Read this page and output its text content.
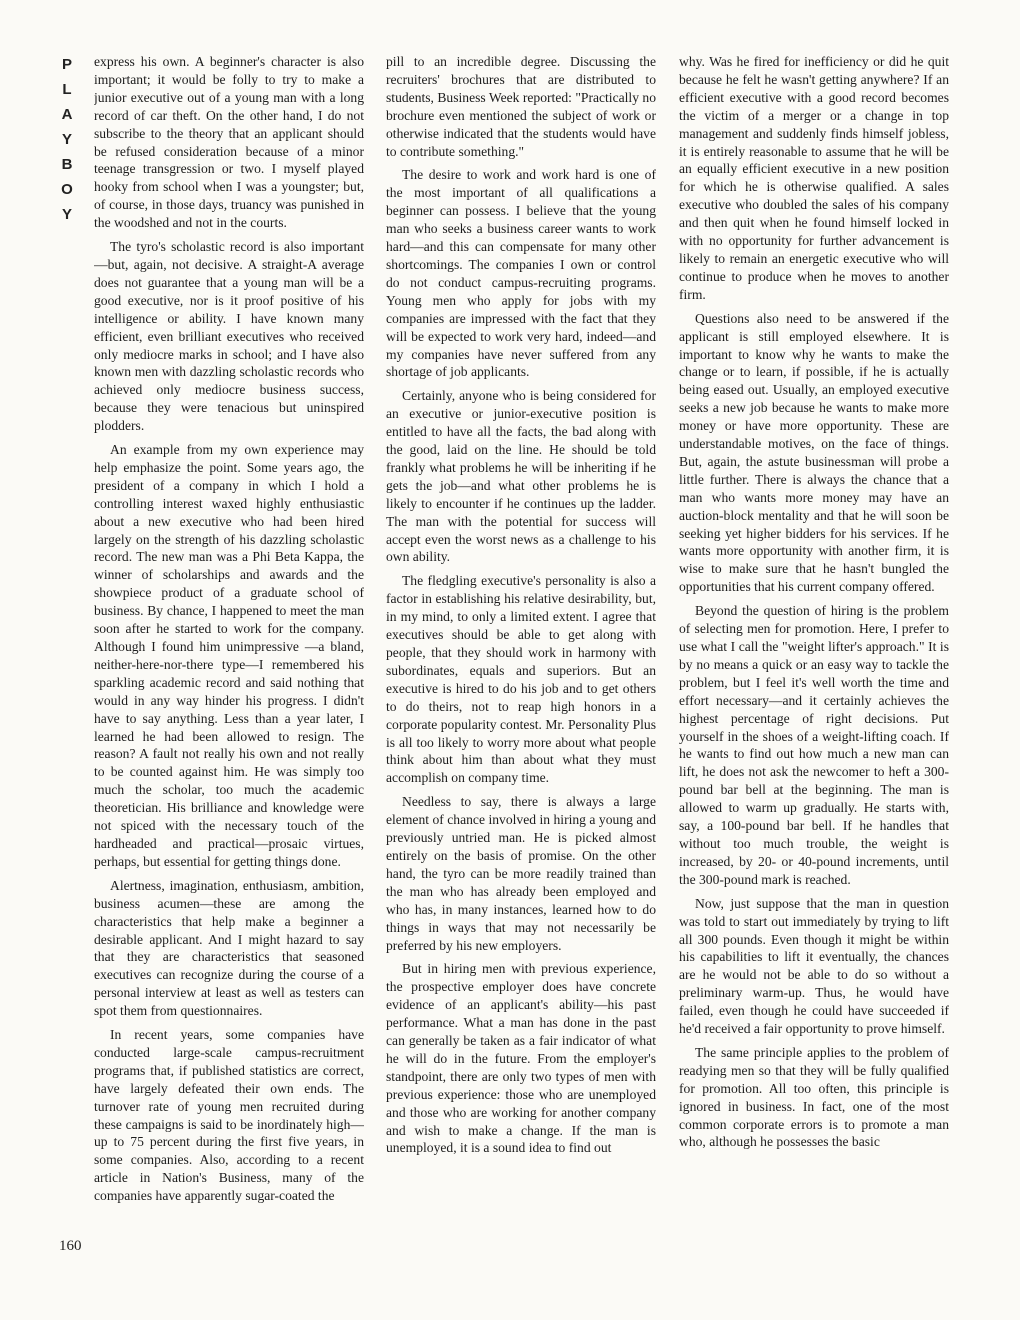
P
L
A
Y
B
O
Y

express his own. A beginner's character is also important; it would be folly to try to make a junior executive out of a young man with a long record of car theft. On the other hand, I do not subscribe to the theory that an applicant should be refused consideration because of a minor teenage transgression or two. I myself played hooky from school when I was a youngster; but, of course, in those days, truancy was punished in the woodshed and not in the courts.

The tyro's scholastic record is also important—but, again, not decisive. A straight-A average does not guarantee that a young man will be a good executive, nor is it proof positive of his intelligence or ability. I have known many efficient, even brilliant executives who received only mediocre marks in school; and I have also known men with dazzling scholastic records who achieved only mediocre business success, because they were tenacious but uninspired plodders.

An example from my own experience may help emphasize the point. Some years ago, the president of a company in which I hold a controlling interest waxed highly enthusiastic about a new executive who had been hired largely on the strength of his dazzling scholastic record. The new man was a Phi Beta Kappa, the winner of scholarships and awards and the showpiece product of a graduate school of business. By chance, I happened to meet the man soon after he started to work for the company. Although I found him unimpressive —a bland, neither-here-nor-there type—I remembered his sparkling academic record and said nothing that would in any way hinder his progress. I didn't have to say anything. Less than a year later, I learned he had been allowed to resign. The reason? A fault not really his own and not really to be counted against him. He was simply too much the scholar, too much the academic theoretician. His brilliance and knowledge were not spiced with the necessary touch of the hardheaded and practical—prosaic virtues, perhaps, but essential for getting things done.

Alertness, imagination, enthusiasm, ambition, business acumen—these are among the characteristics that help make a beginner a desirable applicant. And I might hazard to say that they are characteristics that seasoned executives can recognize during the course of a personal interview at least as well as testers can spot them from questionnaires.

In recent years, some companies have conducted large-scale campus-recruitment programs that, if published statistics are correct, have largely defeated their own ends. The turnover rate of young men recruited during these campaigns is said to be inordinately high—up to 75 percent during the first five years, in some companies. Also, according to a recent article in Nation's Business, many of the companies have apparently sugar-coated the

pill to an incredible degree. Discussing the recruiters' brochures that are distributed to students, Business Week reported: "Practically no brochure even mentioned the subject of work or otherwise indicated that the students would have to contribute something."

The desire to work and work hard is one of the most important of all qualifications a beginner can possess. I believe that the young man who seeks a business career wants to work hard—and this can compensate for many other shortcomings. The companies I own or control do not conduct campus-recruiting programs. Young men who apply for jobs with my companies are impressed with the fact that they will be expected to work very hard, indeed—and my companies have never suffered from any shortage of job applicants.

Certainly, anyone who is being considered for an executive or junior-executive position is entitled to have all the facts, the bad along with the good, laid on the line. He should be told frankly what problems he will be inheriting if he gets the job—and what other problems he is likely to encounter if he continues up the ladder. The man with the potential for success will accept even the worst news as a challenge to his own ability.

The fledgling executive's personality is also a factor in establishing his relative desirability, but, in my mind, to only a limited extent. I agree that executives should be able to get along with people, that they should work in harmony with subordinates, equals and superiors. But an executive is hired to do his job and to get others to do theirs, not to reap high honors in a corporate popularity contest. Mr. Personality Plus is all too likely to worry more about what people think about him than about what they must accomplish on company time.

Needless to say, there is always a large element of chance involved in hiring a young and previously untried man. He is picked almost entirely on the basis of promise. On the other hand, the tyro can be more readily trained than the man who has already been employed and who has, in many instances, learned how to do things in ways that may not necessarily be preferred by his new employers.

But in hiring men with previous experience, the prospective employer does have concrete evidence of an applicant's ability—his past performance. What a man has done in the past can generally be taken as a fair indicator of what he will do in the future. From the employer's standpoint, there are only two types of men with previous experience: those who are unemployed and those who are working for another company and wish to make a change. If the man is unemployed, it is a sound idea to find out

why. Was he fired for inefficiency or did he quit because he felt he wasn't getting anywhere? If an efficient executive with a good record becomes the victim of a merger or a change in top management and suddenly finds himself jobless, it is entirely reasonable to assume that he will be an equally efficient executive in a new position for which he is otherwise qualified. A sales executive who doubled the sales of his company and then quit when he found himself locked in with no opportunity for further advancement is likely to remain an energetic executive who will continue to produce when he moves to another firm.

Questions also need to be answered if the applicant is still employed elsewhere. It is important to know why he wants to make the change or to learn, if possible, if he is actually being eased out. Usually, an employed executive seeks a new job because he wants to make more money or have more opportunity. These are understandable motives, on the face of things. But, again, the astute businessman will probe a little further. There is always the chance that a man who wants more money may have an auction-block mentality and that he will soon be seeking yet higher bidders for his services. If he wants more opportunity with another firm, it is wise to make sure that he hasn't bungled the opportunities that his current company offered.

Beyond the question of hiring is the problem of selecting men for promotion. Here, I prefer to use what I call the "weight lifter's approach." It is by no means a quick or an easy way to tackle the problem, but I feel it's well worth the time and effort necessary—and it certainly achieves the highest percentage of right decisions. Put yourself in the shoes of a weight-lifting coach. If he wants to find out how much a new man can lift, he does not ask the newcomer to heft a 300-pound bar bell at the beginning. The man is allowed to warm up gradually. He starts with, say, a 100-pound bar bell. If he handles that without too much trouble, the weight is increased, by 20- or 40-pound increments, until the 300-pound mark is reached.

Now, just suppose that the man in question was told to start out immediately by trying to lift all 300 pounds. Even though it might be within his capabilities to lift it eventually, the chances are he would not be able to do so without a preliminary warm-up. Thus, he would have failed, even though he could have succeeded if he'd received a fair opportunity to prove himself.

The same principle applies to the problem of readying men so that they will be fully qualified for promotion. All too often, this principle is ignored in business. In fact, one of the most common corporate errors is to promote a man who, although he possesses the basic

160
